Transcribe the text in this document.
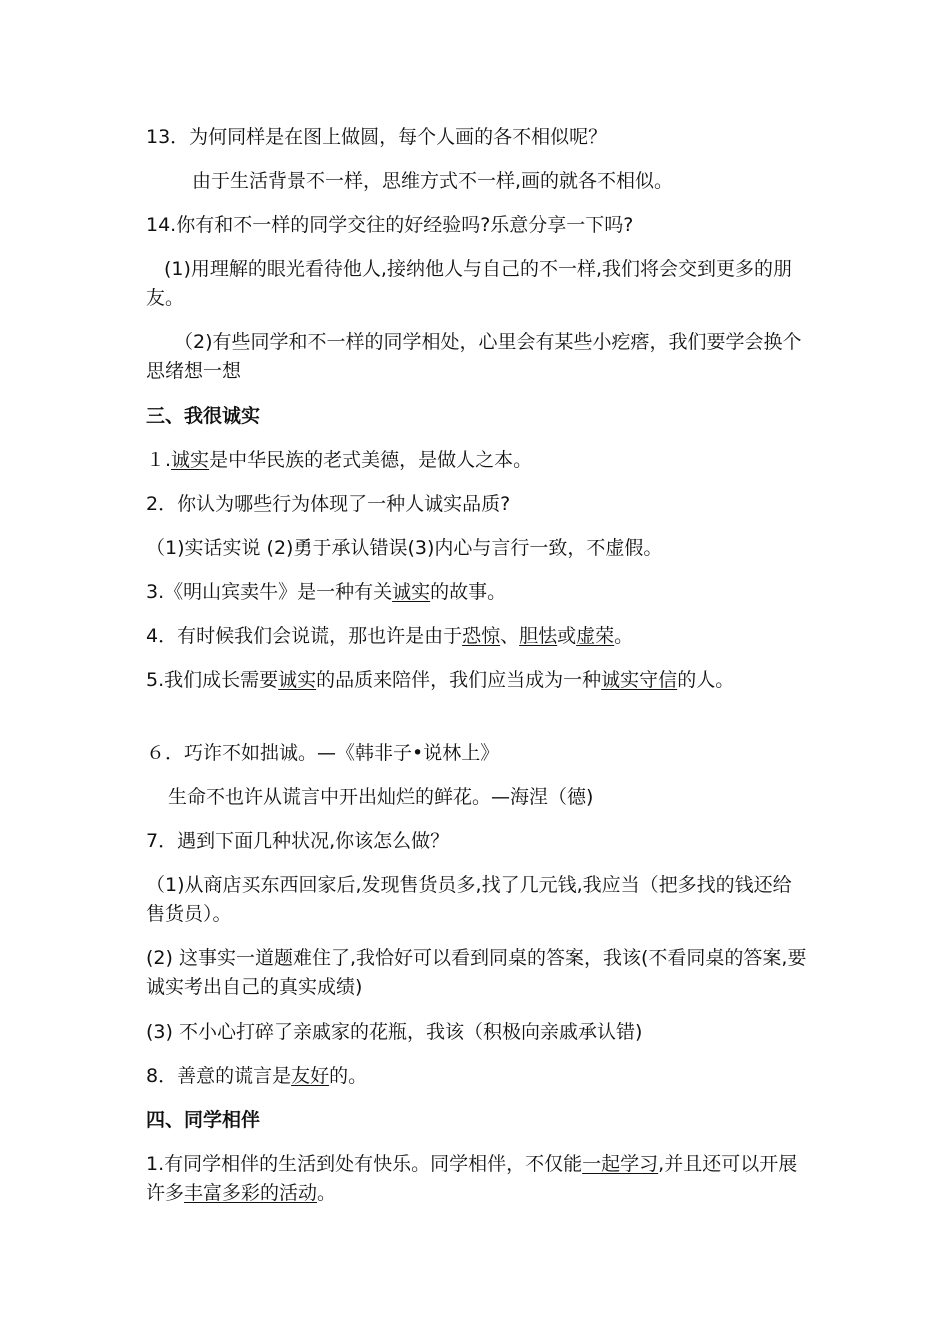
13．为何同样是在图上做圆，每个人画的各不相似呢？
由于生活背景不一样，思维方式不一样,画的就各不相似。
14.你有和不一样的同学交往的好经验吗?乐意分享一下吗?
(1)用理解的眼光看待他人,接纳他人与自己的不一样,我们将会交到更多的朋友。
（2)有些同学和不一样的同学相处，心里会有某些小疙瘩，我们要学会换个思绪想一想
三、我很诚实
１.诚实是中华民族的老式美德，是做人之本。
2．你认为哪些行为体现了一种人诚实品质?
（1)实话实说 (2)勇于承认错误(3)内心与言行一致，不虚假。
3.《明山宾卖牛》是一种有关诚实的故事。
4．有时候我们会说谎，那也许是由于恐惊、胆怯或虚荣。
5.我们成长需要诚实的品质来陪伴，我们应当成为一种诚实守信的人。
６．巧诈不如拙诚。—《韩非子•说林上》
生命不也许从谎言中开出灿烂的鲜花。—海涅（德)
7．遇到下面几种状况,你该怎么做？
（1)从商店买东西回家后,发现售货员多,找了几元钱,我应当（把多找的钱还给售货员）。
(2) 这事实一道题难住了,我恰好可以看到同桌的答案，我该(不看同桌的答案,要诚实考出自己的真实成绩)
(3) 不小心打碎了亲戚家的花瓶，我该（积极向亲戚承认错)
8．善意的谎言是友好的。
四、同学相伴
1.有同学相伴的生活到处有快乐。同学相伴，不仅能一起学习,并且还可以开展许多丰富多彩的活动。
